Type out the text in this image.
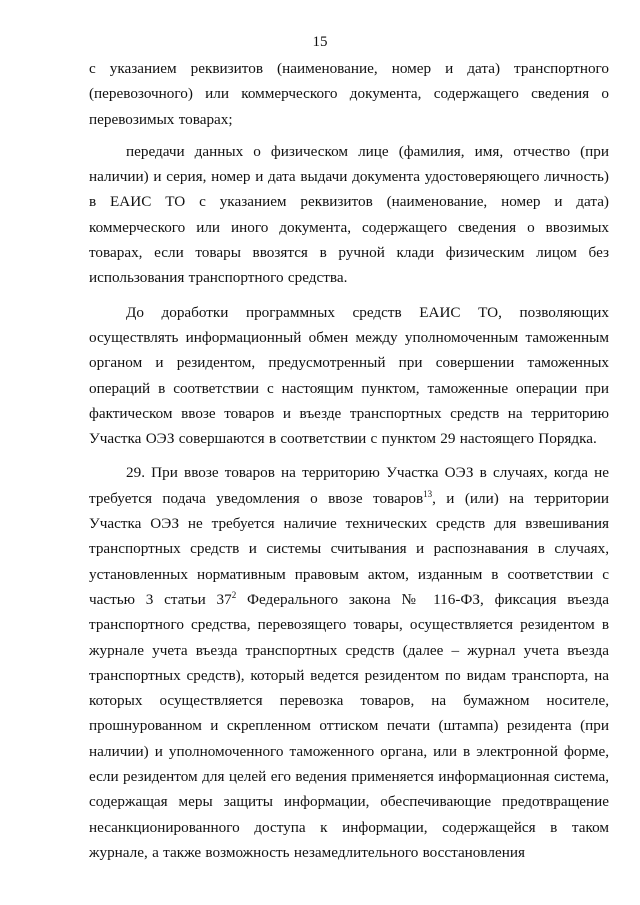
15

с указанием реквизитов (наименование, номер и дата) транспортного (перевозочного) или коммерческого документа, содержащего сведения о перевозимых товарах;

передачи данных о физическом лице (фамилия, имя, отчество (при наличии) и серия, номер и дата выдачи документа удостоверяющего личность) в ЕАИС ТО с указанием реквизитов (наименование, номер и дата) коммерческого или иного документа, содержащего сведения о ввозимых товарах, если товары ввозятся в ручной клади физическим лицом без использования транспортного средства.

До доработки программных средств ЕАИС ТО, позволяющих осуществлять информационный обмен между уполномоченным таможенным органом и резидентом, предусмотренный при совершении таможенных операций в соответствии с настоящим пунктом, таможенные операции при фактическом ввозе товаров и въезде транспортных средств на территорию Участка ОЭЗ совершаются в соответствии с пунктом 29 настоящего Порядка.

29. При ввозе товаров на территорию Участка ОЭЗ в случаях, когда не требуется подача уведомления о ввозе товаров$^{13}$, и (или) на территории Участка ОЭЗ не требуется наличие технических средств для взвешивания транспортных средств и системы считывания и распознавания в случаях, установленных нормативным правовым актом, изданным в соответствии с частью 3 статьи $37^2$ Федерального закона № 116-ФЗ, фиксация въезда транспортного средства, перевозящего товары, осуществляется резидентом в журнале учета въезда транспортных средств (далее – журнал учета въезда транспортных средств), который ведется резидентом по видам транспорта, на которых осуществляется перевозка товаров, на бумажном носителе, прошнурованном и скрепленном оттиском печати (штампа) резидента (при наличии) и уполномоченного таможенного органа, или в электронной форме, если резидентом для целей его ведения применяется информационная система, содержащая меры защиты информации, обеспечивающие предотвращение несанкционированного доступа к информации, содержащейся в таком журнале, а также возможность незамедлительного восстановления
